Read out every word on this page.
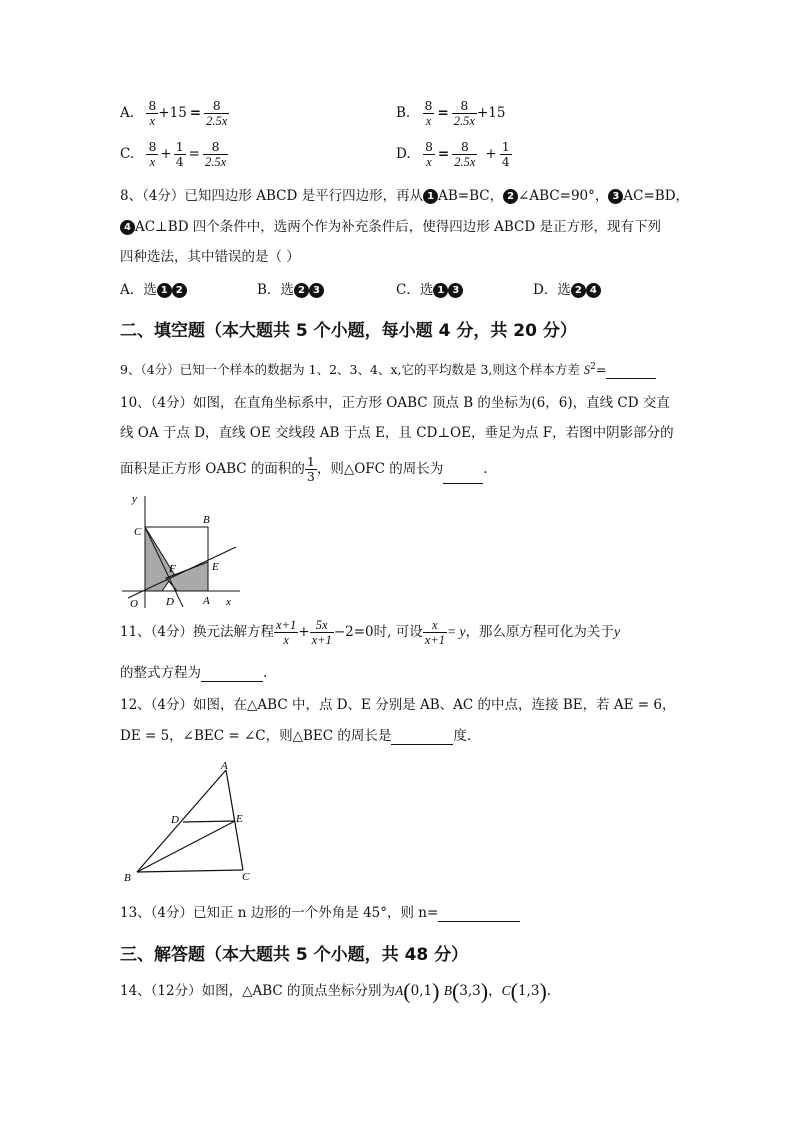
A. $\frac{8}{x} +15 = \frac{8}{2.5x}$	B. $\frac{8}{x} = \frac{8}{2.5x} +15$
C. $\frac{8}{x} + \frac{1}{4} = \frac{8}{2.5x}$	D. $\frac{8}{x} = \frac{8}{2.5x} + \frac{1}{4}$
8、（4分）已知四边形 ABCD 是平行四边形，再从 1 AB=BC， 2 ∠ABC=90°， 3 AC=BD，
4 AC⊥BD 四个条件中，选两个作为补充条件后，使得四边形 ABCD 是正方形，现有下列
四种选法，其中错误的是（ ）
A．选 1 2	B．选 2 3	C．选 1 3	D．选 2 4
二、填空题（本大题共 5 个小题，每小题 4 分，共 20 分）
9、（4分）已知一个样本的数据为 1、2、3、4、x,它的平均数是 3,则这个样本方差 $S^2=$
10、（4分）如图，在直角坐标系中，正方形 OABC 顶点 B 的坐标为(6，6)，直线 CD 交直
线 OA 于点 D，直线 OE 交线段 AB 于点 E，且 CD⊥OE，垂足为点 F，若图中阴影部分的
面积是正方形 OABC 的面积的 $\frac{1}{3}$ ，则△OFC 的周长为	.
y
C
B
E
F
O	D	A x
11、（4分）换元法解方程 $\frac{x+1}{x} + \frac{5x}{x+1} -2=0$时, 可设 $\frac{x}{x+1} = y$，那么原方程可化为关于y
的整式方程为	.
12、（4分）如图，在△ABC 中，点 D、E 分别是 AB、AC 的中点，连接 BE，若 AE = 6，
DE = 5，∠BEC = ∠C，则△BEC 的周长是	度.
A
D	E
B	C
13、（4分）已知正 n 边形的一个外角是 45°，则 n=
三、解答题（本大题共 5 个小题，共 48 分）
14、（12分）如图，△ABC 的顶点坐标分别为A(0,1) B(3,3)，C(1,3).
